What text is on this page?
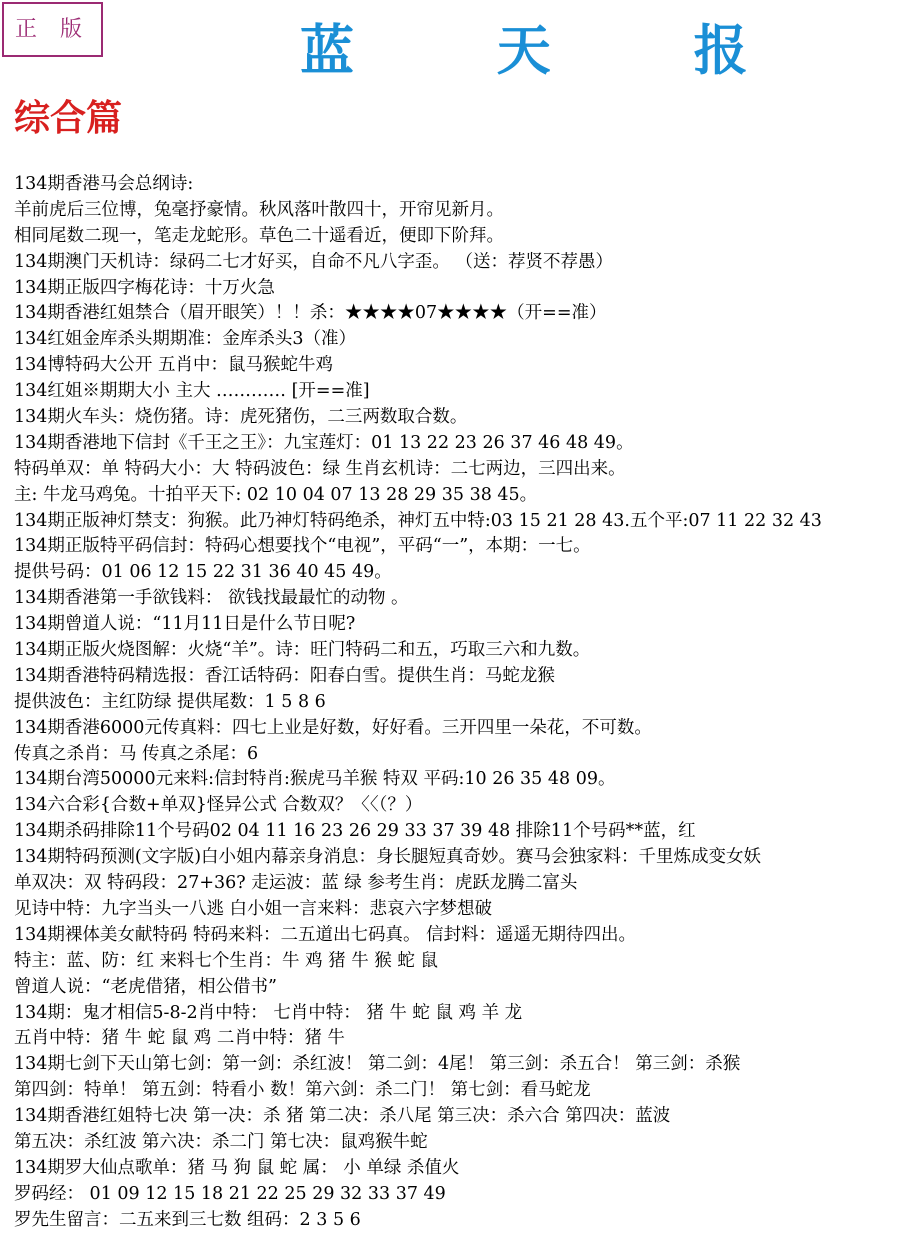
正 版	蓝 天 报
综合篇
134期香港马会总纲诗:
羊前虎后三位博，兔毫抒豪情。秋风落叶散四十，开帘见新月。
相同尾数二现一，笔走龙蛇形。草色二十遥看近，便即下阶拜。
134期澳门天机诗：绿码二七才好买，自命不凡八字歪。 （送：荐贤不荐愚）
134期正版四字梅花诗：十万火急
134期香港红姐禁合（眉开眼笑）！！杀：★★★★07★★★★（开==准）
134红姐金库杀头期期准：金库杀头3（准）
134博特码大公开 五肖中：鼠马猴蛇牛鸡
134红姐※期期大小 主大 ………… [开==准]
134期火车头：烧伤猪。诗：虎死猪伤，二三两数取合数。
134期香港地下信封《千王之王》：九宝莲灯：01 13 22 23 26 37 46 48 49。
特码单双：单 特码大小：大 特码波色：绿 生肖玄机诗：二七两边，三四出来。
主: 牛龙马鸡兔。十拍平天下: 02 10 04 07 13 28 29 35 38 45。
134期正版神灯禁支：狗猴。此乃神灯特码绝杀，神灯五中特:03 15 21 28 43.五个平:07 11 22 32 43
134期正版特平码信封：特码心想要找个“电视”，平码“一”，本期：一七。
提供号码：01 06 12 15 22 31 36 40 45 49。
134期香港第一手欲钱料： 欲钱找最最忙的动物 。
134期曾道人说：“11月11日是什么节日呢?
134期正版火烧图解：火烧“羊”。诗：旺门特码二和五，巧取三六和九数。
134期香港特码精选报：香江话特码：阳春白雪。提供生肖：马蛇龙猴
提供波色：主红防绿 提供尾数：1 5 8 6
134期香港6000元传真料：四七上业是好数，好好看。三开四里一朵花，不可数。
传真之杀肖：马 传真之杀尾：6
134期台湾50000元来料:信封特肖:猴虎马羊猴 特双 平码:10 26 35 48 09。
134六合彩{合数+单双}怪异公式 合数双？〈〈（？）
134期杀码排除11个号码02 04 11 16 23 26 29 33 37 39 48 排除11个号码**蓝，红
134期特码预测(文字版)白小姐内幕亲身消息：身长腿短真奇妙。赛马会独家料：千里炼成变女妖
单双决：双 特码段：27+36? 走运波：蓝 绿 参考生肖：虎跃龙腾二富头
见诗中特：九字当头一八逃 白小姐一言来料：悲哀六字梦想破
134期裸体美女献特码 特码来料：二五道出七码真。 信封料：遥遥无期待四出。
特主：蓝、防：红 来料七个生肖：牛 鸡 猪 牛 猴 蛇 鼠
曾道人说：“老虎借猪，相公借书”
134期：鬼才相信5-8-2肖中特： 七肖中特： 猪 牛 蛇 鼠 鸡 羊 龙
五肖中特：猪 牛 蛇 鼠 鸡 二肖中特：猪 牛
134期七剑下天山第七剑：第一剑：杀红波！ 第二剑：4尾！ 第三剑：杀五合！ 第三剑：杀猴
第四剑：特单！ 第五剑：特看小 数！第六剑：杀二门！ 第七剑：看马蛇龙
134期香港红姐特七决 第一决：杀 猪 第二决：杀八尾 第三决：杀六合 第四决：蓝波
第五决：杀红波 第六决：杀二门 第七决：鼠鸡猴牛蛇
134期罗大仙点歌单：猪 马 狗 鼠 蛇 属： 小 单绿 杀值火
罗码经： 01 09 12 15 18 21 22 25 29 32 33 37 49
罗先生留言：二五来到三七数 组码：2 3 5 6
